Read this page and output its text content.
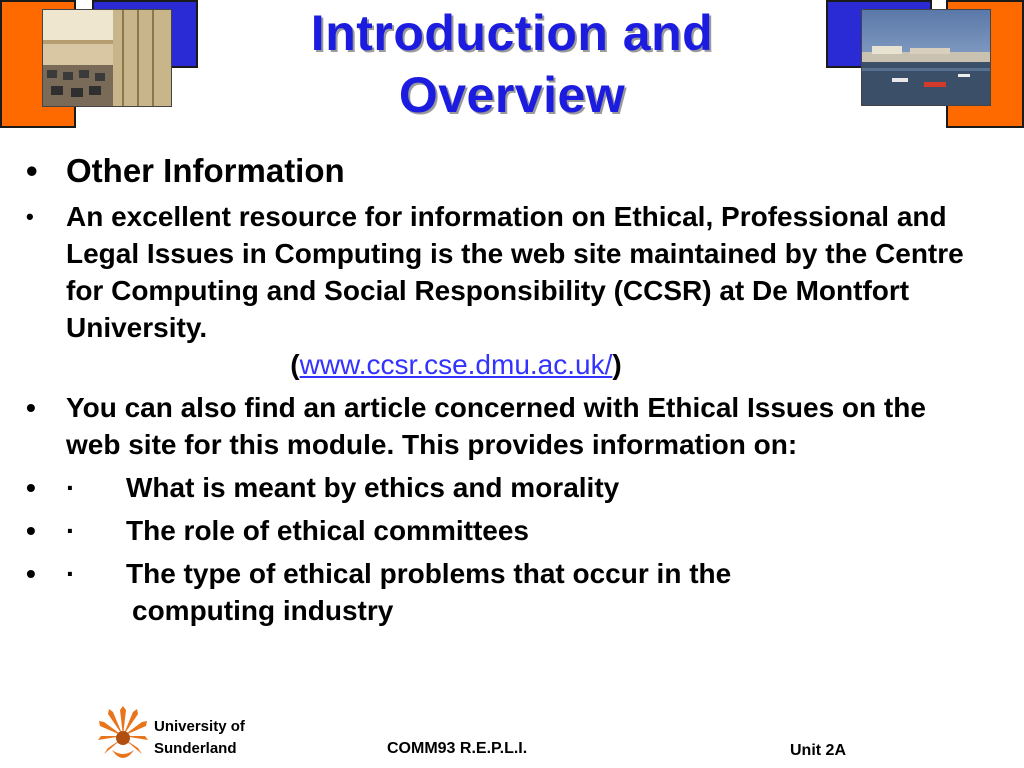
Introduction and
Overview
• Other Information
• An excellent resource for information on Ethical, Professional and Legal Issues in Computing is the web site maintained by the Centre for Computing and Social Responsibility (CCSR) at De Montfort University.
(www.ccsr.cse.dmu.ac.uk/)
• You can also find an article concerned with Ethical Issues on the web site for this module. This provides information on:
• ·	What is meant by ethics and morality
• ·	The role of ethical committees
• ·	The type of ethical problems that occur in the
computing industry
University of
Sunderland	COMM93 R.E.P.L.I.	Unit 2A
